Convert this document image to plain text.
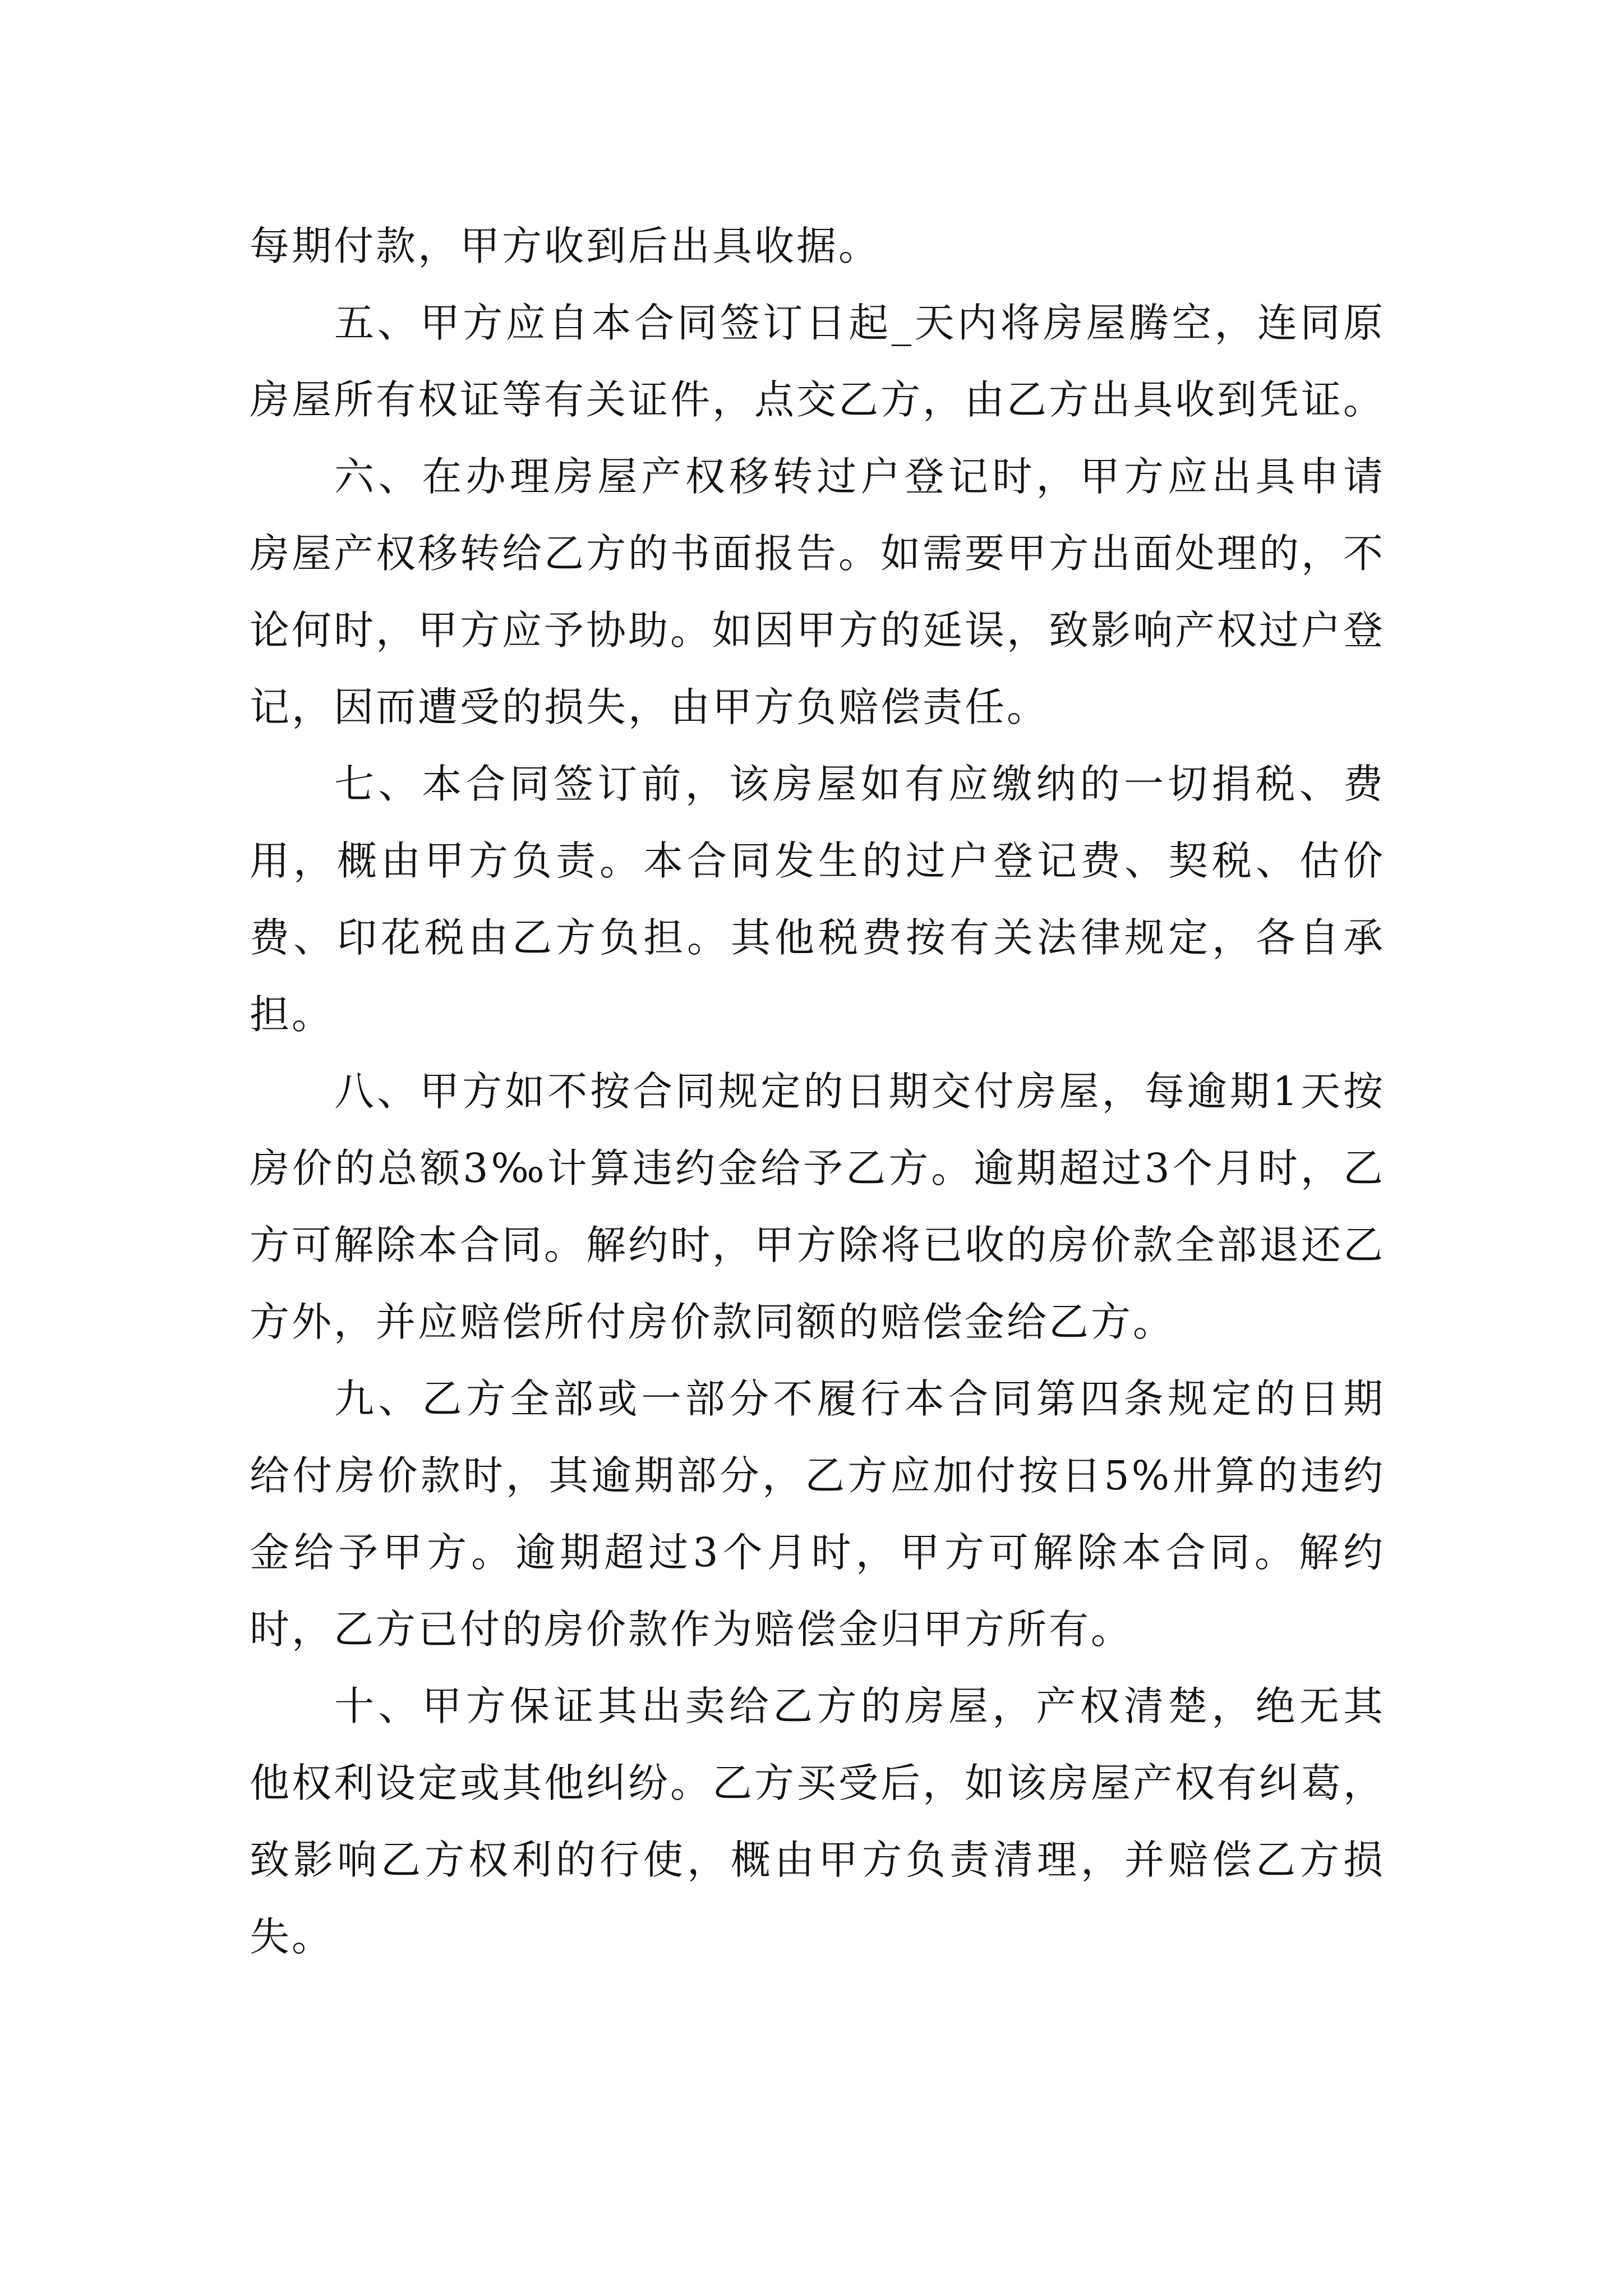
每期付款，甲方收到后出具收据。

五、甲方应自本合同签订日起_天内将房屋腾空，连同原房屋所有权证等有关证件，点交乙方，由乙方出具收到凭证。

六、在办理房屋产权移转过户登记时，甲方应出具申请房屋产权移转给乙方的书面报告。如需要甲方出面处理的，不论何时，甲方应予协助。如因甲方的延误，致影响产权过户登记，因而遭受的损失，由甲方负赔偿责任。

七、本合同签订前，该房屋如有应缴纳的一切捐税、费用，概由甲方负责。本合同发生的过户登记费、契税、估价费、印花税由乙方负担。其他税费按有关法律规定，各自承担。

八、甲方如不按合同规定的日期交付房屋，每逾期1天按房价的总额3‰计算违约金给予乙方。逾期超过3个月时，乙方可解除本合同。解约时，甲方除将已收的房价款全部退还乙方外，并应赔偿所付房价款同额的赔偿金给乙方。

九、乙方全部或一部分不履行本合同第四条规定的日期给付房价款时，其逾期部分，乙方应加付按日5%卅算的违约金给予甲方。逾期超过3个月时，甲方可解除本合同。解约时，乙方已付的房价款作为赔偿金归甲方所有。

十、甲方保证其出卖给乙方的房屋，产权清楚，绝无其他权利设定或其他纠纷。乙方买受后，如该房屋产权有纠葛，致影响乙方权利的行使，概由甲方负责清理，并赔偿乙方损失。
